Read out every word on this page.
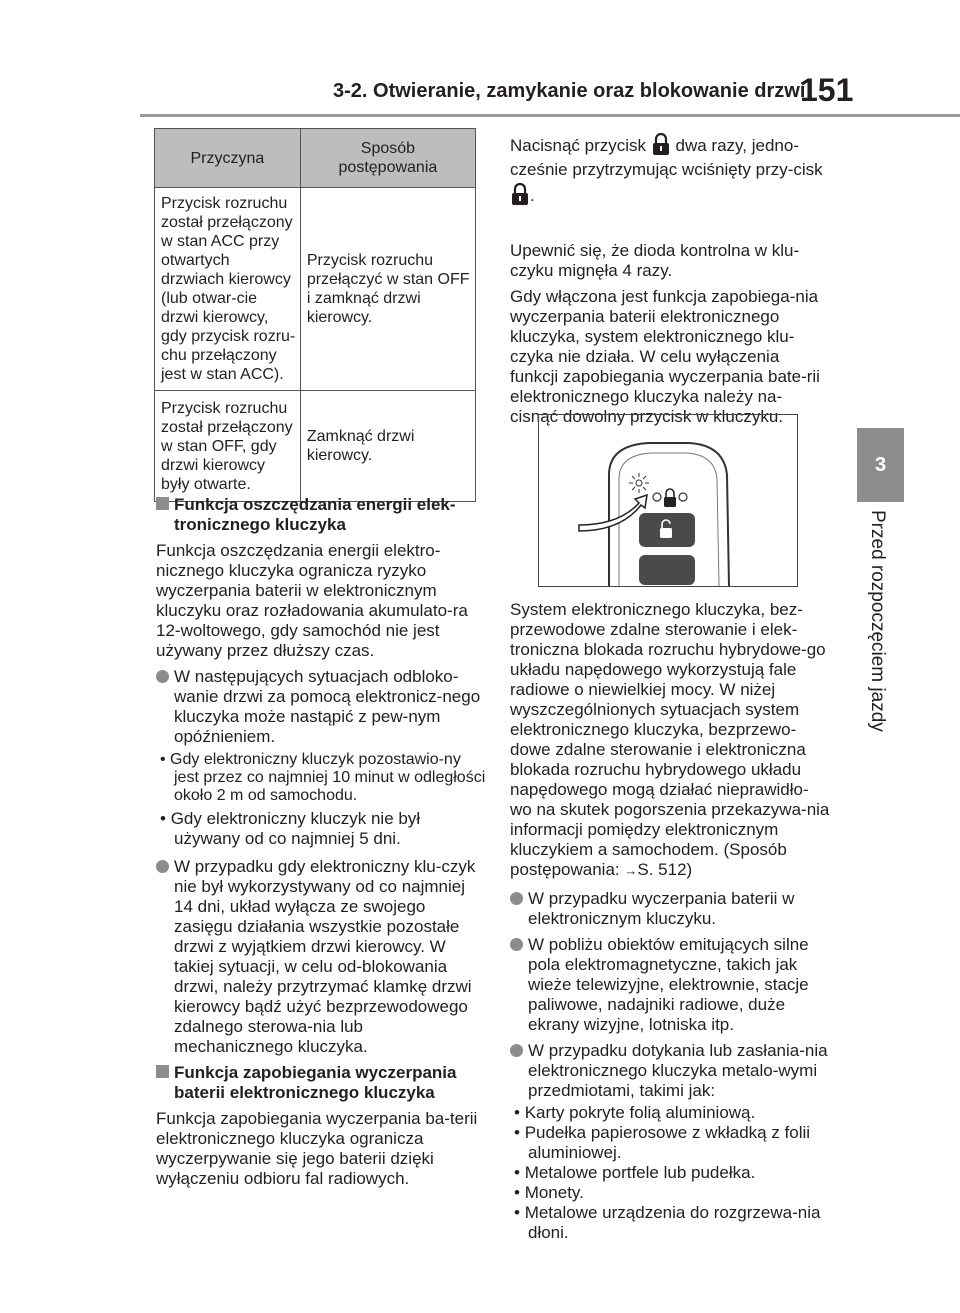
3-2. Otwieranie, zamykanie oraz blokowanie drzwi
151
3
Przed rozpoczęciem jazdy
Przyczyna	Sposób postępowania
Przycisk rozruchu został przełączony w stan ACC przy otwartych drzwiach kierowcy (lub otwar-cie drzwi kierowcy, gdy przycisk rozru-chu przełączony jest w stan ACC).	Przycisk rozruchu przełączyć w stan OFF i zamknąć drzwi kierowcy.
Przycisk rozruchu został przełączony w stan OFF, gdy drzwi kierowcy były otwarte.	Zamknąć drzwi kierowcy.
Funkcja oszczędzania energii elek-tronicznego kluczyka

Funkcja oszczędzania energii elektro-nicznego kluczyka ogranicza ryzyko wyczerpania baterii w elektronicznym kluczyku oraz rozładowania akumulato-ra 12-woltowego, gdy samochód nie jest używany przez dłuższy czas.

W następujących sytuacjach odbloko-wanie drzwi za pomocą elektronicz-nego kluczyka może nastąpić z pew-nym opóźnieniem.
• Gdy elektroniczny kluczyk pozostawio-ny jest przez co najmniej 10 minut w odległości około 2 m od samochodu.
• Gdy elektroniczny kluczyk nie był używany od co najmniej 5 dni.
W przypadku gdy elektroniczny klu-czyk nie był wykorzystywany od co najmniej 14 dni, układ wyłącza ze swojego zasięgu działania wszystkie pozostałe drzwi z wyjątkiem drzwi kierowcy. W takiej sytuacji, w celu od-blokowania drzwi, należy przytrzymać klamkę drzwi kierowcy bądź użyć bezprzewodowego zdalnego sterowa-nia lub mechanicznego kluczyka.
Funkcja zapobiegania wyczerpania baterii elektronicznego kluczyka

Funkcja zapobiegania wyczerpania ba-terii elektronicznego kluczyka ogranicza wyczerpywanie się jego baterii dzięki wyłączeniu odbioru fal radiowych.

Nacisnąć przycisk dwa razy, jedno-cześnie przytrzymując wciśnięty przy-cisk .

Upewnić się, że dioda kontrolna w klu-czyku mignęła 4 razy.

Gdy włączona jest funkcja zapobiega-nia wyczerpania baterii elektronicznego kluczyka, system elektronicznego klu-czyka nie działa. W celu wyłączenia funkcji zapobiegania wyczerpania bate-rii elektronicznego kluczyka należy na-cisnąć dowolny przycisk w kluczyku.

System elektronicznego kluczyka, bez-przewodowe zdalne sterowanie i elek-troniczna blokada rozruchu hybrydowe-go układu napędowego wykorzystują fale radiowe o niewielkiej mocy. W niżej wyszczególnionych sytuacjach system elektronicznego kluczyka, bezprzewo-dowe zdalne sterowanie i elektroniczna blokada rozruchu hybrydowego układu napędowego mogą działać nieprawidło-wo na skutek pogorszenia przekazywa-nia informacji pomiędzy elektronicznym kluczykiem a samochodem. (Sposób postępowania: →S. 512)

W przypadku wyczerpania baterii w elektronicznym kluczyku.
W pobliżu obiektów emitujących silne pola elektromagnetyczne, takich jak wieże telewizyjne, elektrownie, stacje paliwowe, nadajniki radiowe, duże ekrany wizyjne, lotniska itp.
W przypadku dotykania lub zasłania-nia elektronicznego kluczyka metalo-wymi przedmiotami, takimi jak:
• Karty pokryte folią aluminiową.
• Pudełka papierosowe z wkładką z folii aluminiowej.
• Metalowe portfele lub pudełka.
• Monety.
• Metalowe urządzenia do rozgrzewa-nia dłoni.
